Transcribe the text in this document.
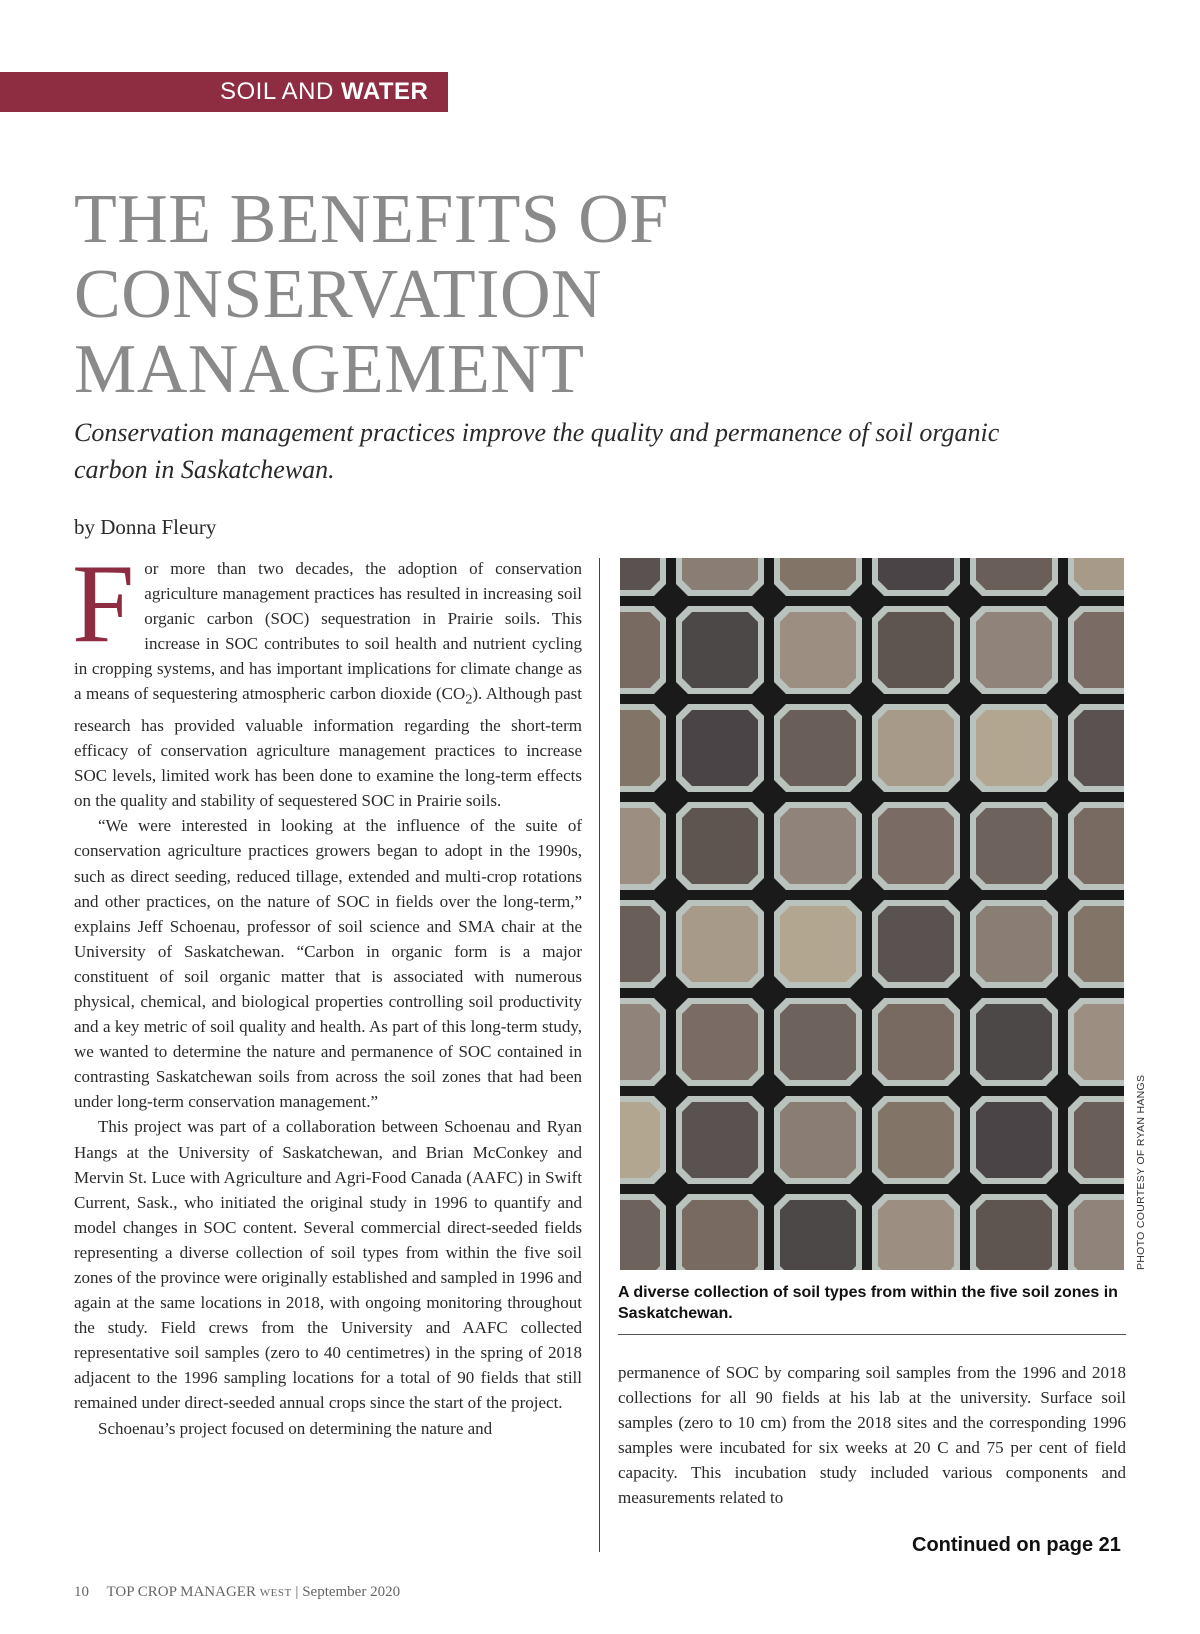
SOIL AND WATER
THE BENEFITS OF CONSERVATION MANAGEMENT
Conservation management practices improve the quality and permanence of soil organic carbon in Saskatchewan.
by Donna Fleury

For more than two decades, the adoption of conservation agriculture management practices has resulted in increasing soil organic carbon (SOC) sequestration in Prairie soils. This increase in SOC contributes to soil health and nutrient cycling in cropping systems, and has important implications for climate change as a means of sequestering atmospheric carbon dioxide $(CO_2)$. Although past research has provided valuable information regarding the short-term efficacy of conservation agriculture management practices to increase SOC levels, limited work has been done to examine the long-term effects on the quality and stability of sequestered SOC in Prairie soils.

“We were interested in looking at the influence of the suite of conservation agriculture practices growers began to adopt in the 1990s, such as direct seeding, reduced tillage, extended and multi-crop rotations and other practices, on the nature of SOC in fields over the long-term,” explains Jeff Schoenau, professor of soil science and SMA chair at the University of Saskatchewan. “Carbon in organic form is a major constituent of soil organic matter that is associated with numerous physical, chemical, and biological properties controlling soil productivity and a key metric of soil quality and health. As part of this long-term study, we wanted to determine the nature and permanence of SOC contained in contrasting Saskatchewan soils from across the soil zones that had been under long-term conservation management.”

This project was part of a collaboration between Schoenau and Ryan Hangs at the University of Saskatchewan, and Brian McConkey and Mervin St. Luce with Agriculture and Agri-Food Canada (AAFC) in Swift Current, Sask., who initiated the original study in 1996 to quantify and model changes in SOC content. Several commercial direct-seeded fields representing a diverse collection of soil types from within the five soil zones of the province were originally established and sampled in 1996 and again at the same locations in 2018, with ongoing monitoring throughout the study. Field crews from the University and AAFC collected representative soil samples (zero to 40 centimetres) in the spring of 2018 adjacent to the 1996 sampling locations for a total of 90 fields that still remained under direct-seeded annual crops since the start of the project.

Schoenau’s project focused on determining the nature and

PHOTO COURTESY OF RYAN HANGS
A diverse collection of soil types from within the five soil zones in Saskatchewan.

permanence of SOC by comparing soil samples from the 1996 and 2018 collections for all 90 fields at his lab at the university. Surface soil samples (zero to 10 cm) from the 2018 sites and the corresponding 1996 samples were incubated for six weeks at 20 C and 75 per cent of field capacity. This incubation study included various components and measurements related to

Continued on page 21
10 TOP CROP MANAGER WEST | September 2020
